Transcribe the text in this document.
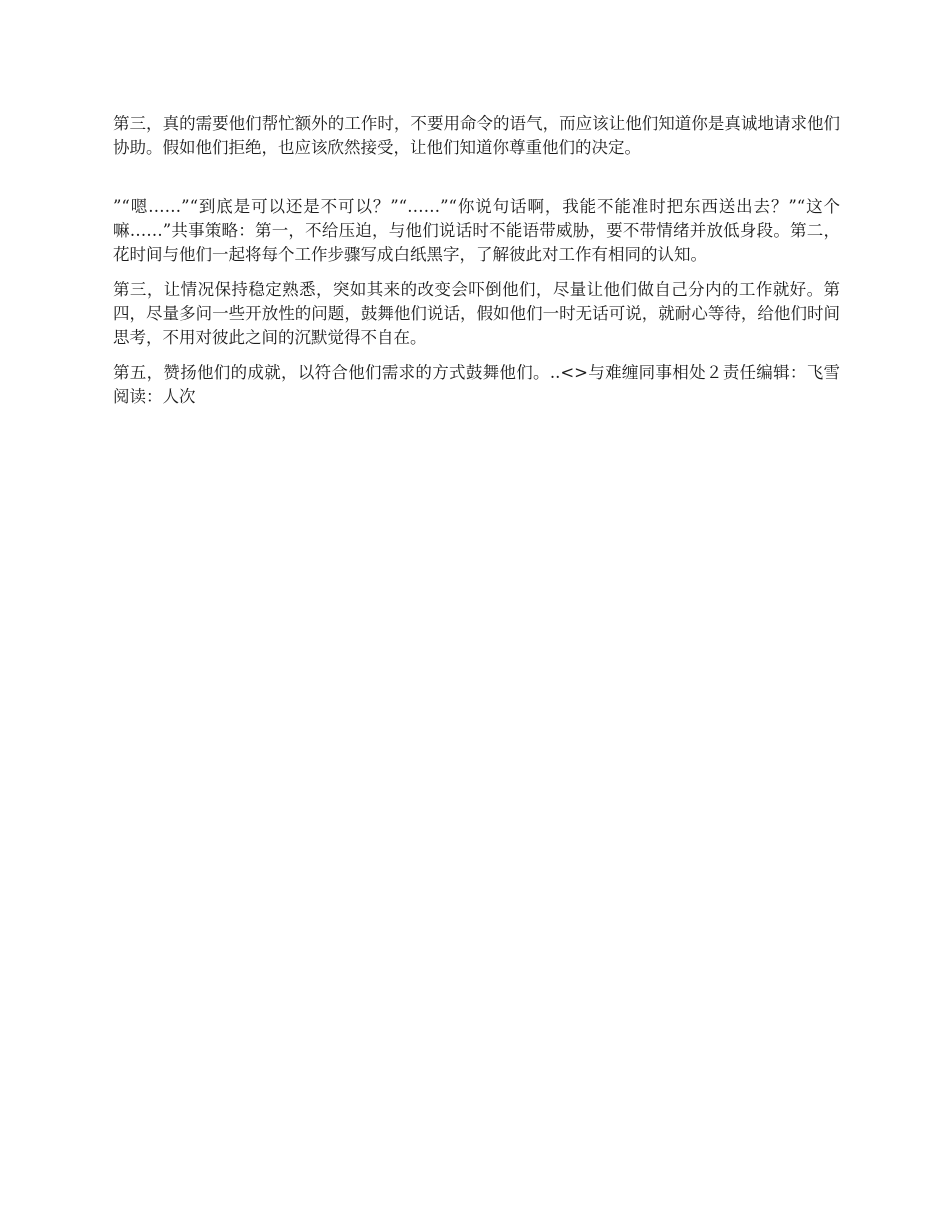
第三，真的需要他们帮忙额外的工作时，不要用命令的语气，而应该让他们知道你是真诚地请求他们协助。假如他们拒绝，也应该欣然接受，让他们知道你尊重他们的决定。

”“嗯……”“到底是可以还是不可以？”“……”“你说句话啊，我能不能准时把东西送出去？”“这个嘛……”共事策略：第一，不给压迫，与他们说话时不能语带威胁，要不带情绪并放低身段。第二，花时间与他们一起将每个工作步骤写成白纸黑字，了解彼此对工作有相同的认知。

第三，让情况保持稳定熟悉，突如其来的改变会吓倒他们，尽量让他们做自己分内的工作就好。第四，尽量多问一些开放性的问题，鼓舞他们说话，假如他们一时无话可说，就耐心等待，给他们时间思考，不用对彼此之间的沉默觉得不自在。

第五，赞扬他们的成就，以符合他们需求的方式鼓舞他们。..<>与难缠同事相处２责任编辑：飞雪 阅读：人次
